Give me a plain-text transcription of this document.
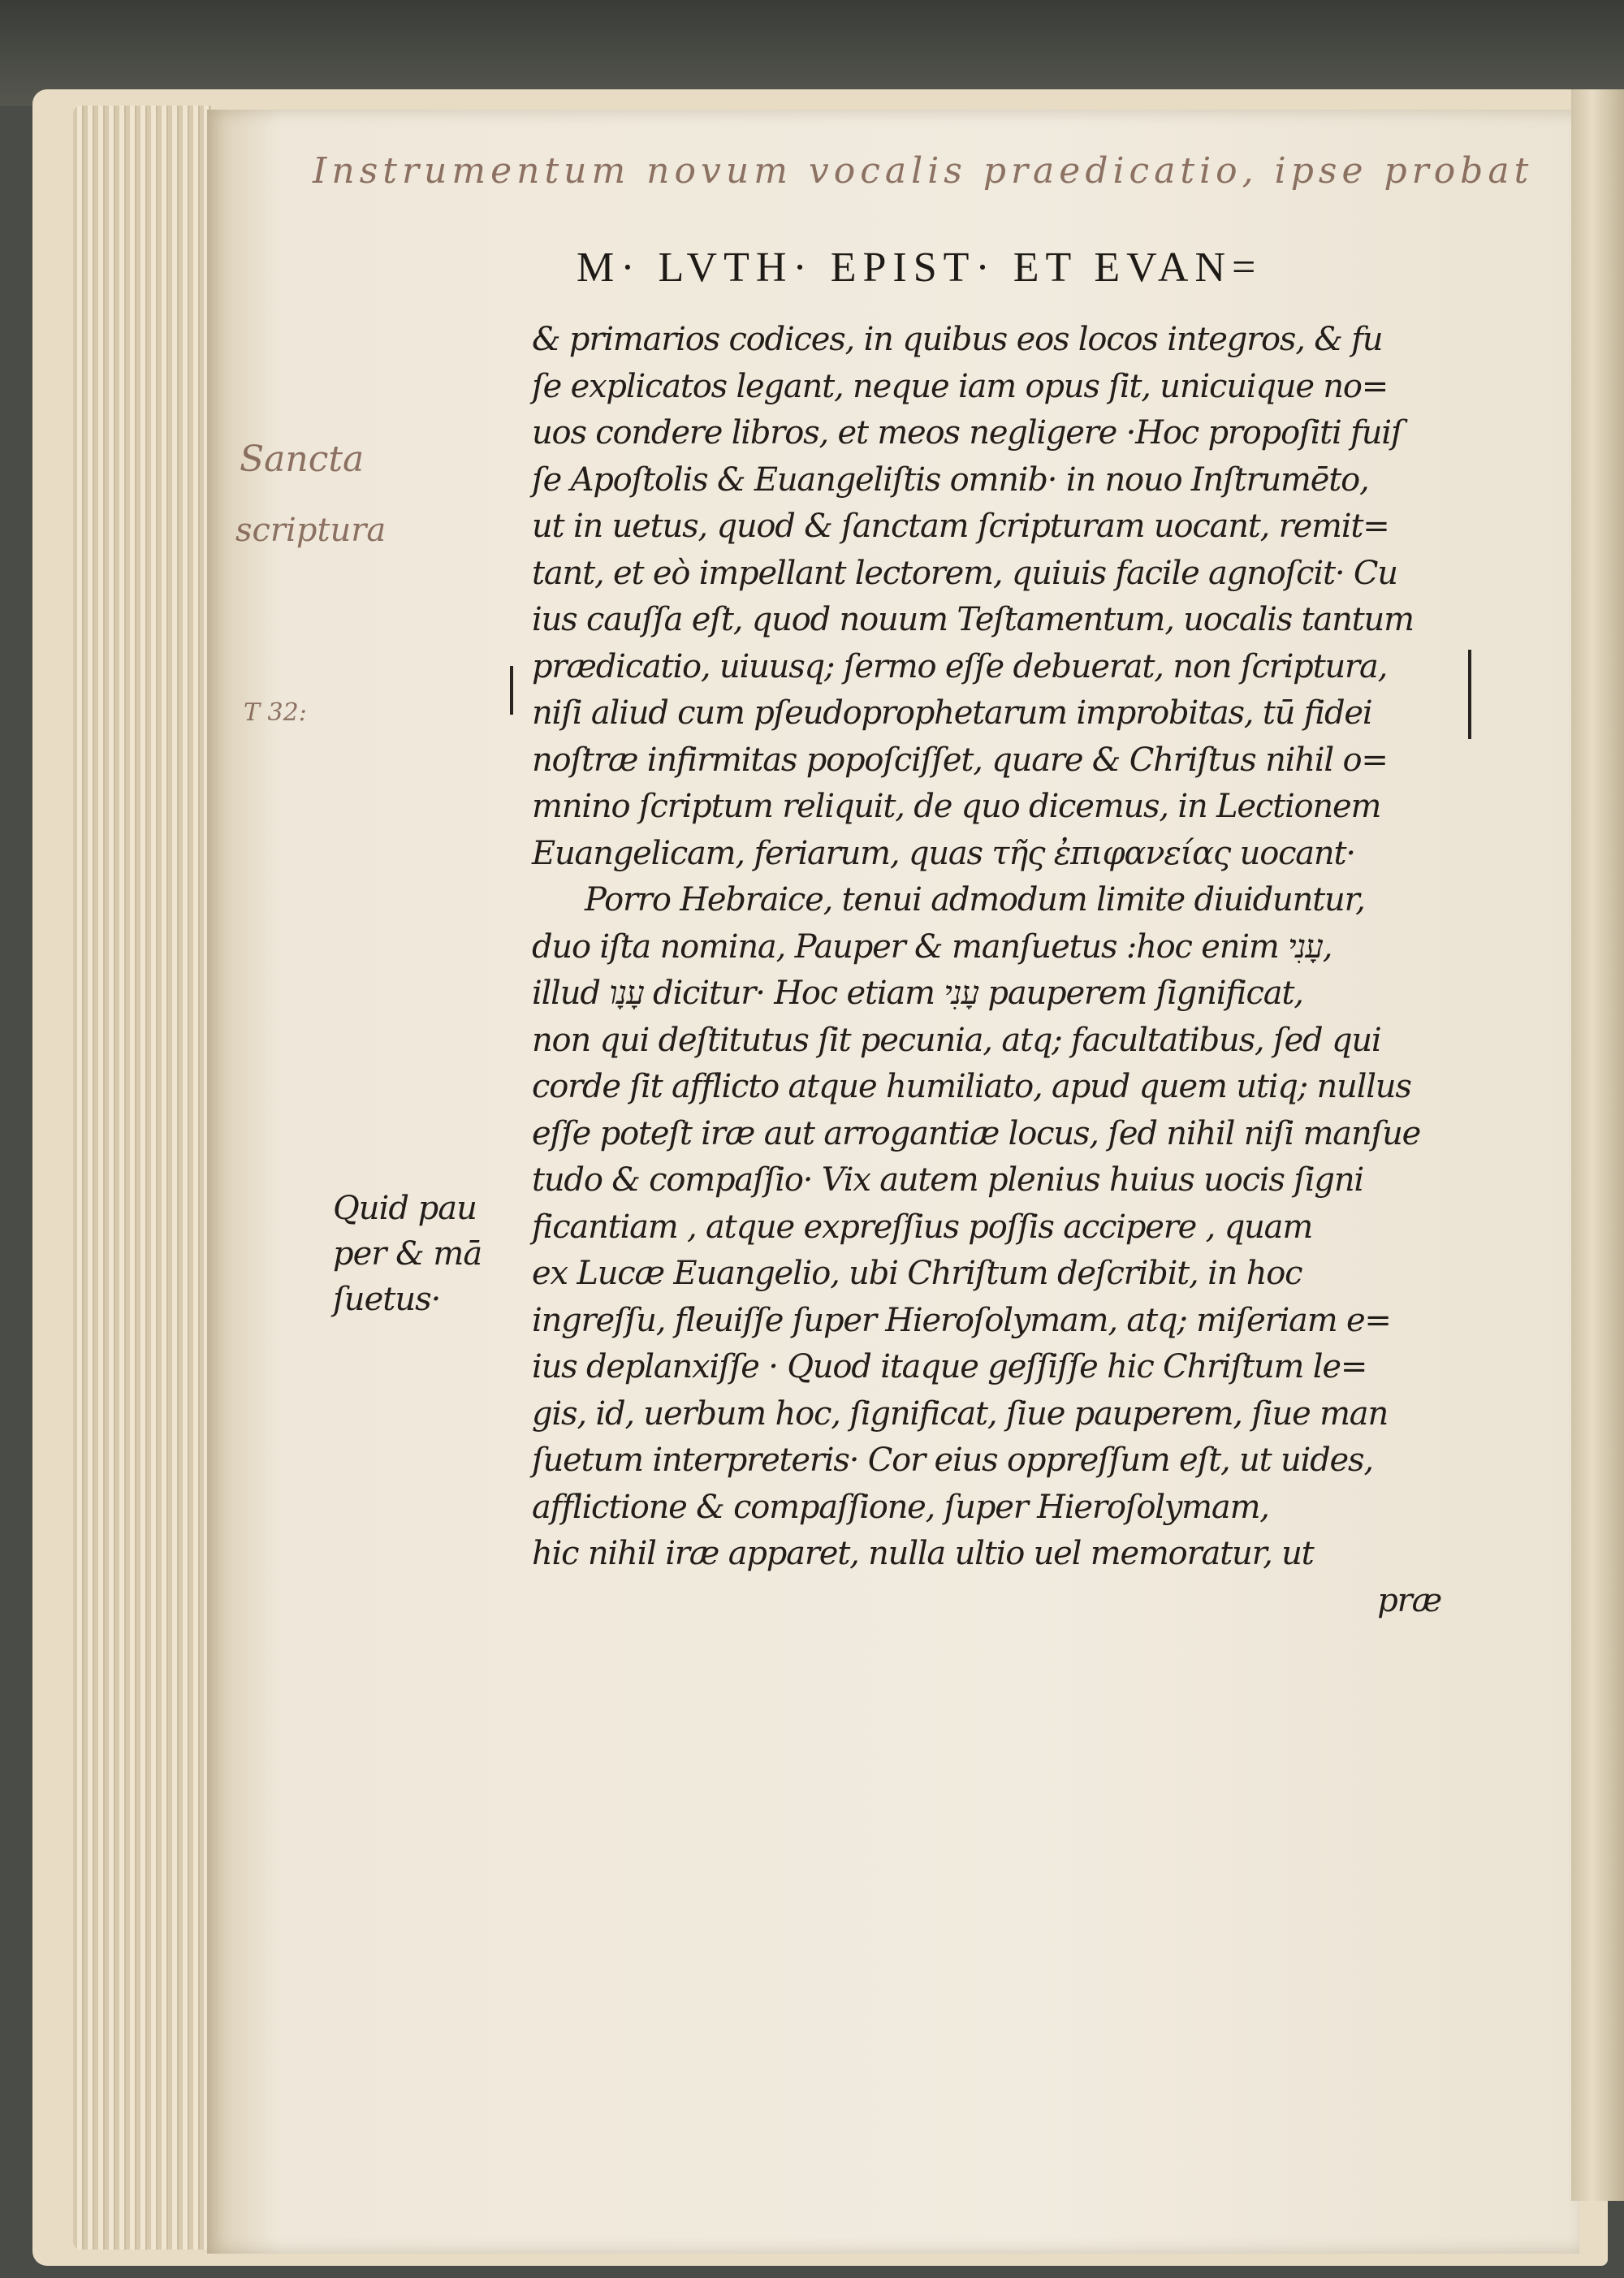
Instrumentum novum vocalis praedicatio, ipse probat
Sancta
scriptura
T 32:
M· LVTH· EPIST· ET EVAN=
& primarios codices, in quibus eos locos integros, & fu
ſe explicatos legant, neque iam opus ſit, unicuique no=
uos condere libros, et meos negligere ·Hoc propoſiti fuiſ
ſe Apoſtolis & Euangeliſtis omnib· in nouo Inſtrumēto,
ut in uetus, quod & ſanctam ſcripturam uocant, remit=
tant, et eò impellant lectorem, quiuis facile agnoſcit· Cu
ius cauſſa eſt, quod nouum Teſtamentum, uocalis tantum
prædicatio, uiuusq; ſermo eſſe debuerat, non ſcriptura,
niſi aliud cum pſeudoprophetarum improbitas, tū fidei
noſtræ infirmitas popoſciſſet, quare & Chriſtus nihil o=
mnino ſcriptum reliquit, de quo dicemus, in Lectionem
Euangelicam, feriarum, quas τῆς ἐπιφανείας uocant·
Porro Hebraice, tenui admodum limite diuiduntur,
duo iſta nomina, Pauper & manſuetus :hoc enim עָנִי,
illud עָנָו dicitur· Hoc etiam עָנִי pauperem ſignificat,
non qui deſtitutus ſit pecunia, atq; facultatibus, ſed qui
corde ſit afflicto atque humiliato, apud quem utiq; nullus
eſſe poteſt iræ aut arrogantiæ locus, ſed nihil niſi manſue
tudo & compaſſio· Vix autem plenius huius uocis ſigni
ficantiam , atque expreſſius poſſis accipere , quam
ex Lucæ Euangelio, ubi Chriſtum deſcribit, in hoc
ingreſſu, fleuiſſe ſuper Hieroſolymam, atq; miſeriam e=
ius deplanxiſſe · Quod itaque geſſiſſe hic Chriſtum le=
gis, id, uerbum hoc, ſignificat, ſiue pauperem, ſiue man
ſuetum interpreteris· Cor eius oppreſſum eſt, ut uides,
afflictione & compaſſione, ſuper Hieroſolymam,
hic nihil iræ apparet, nulla ultio uel memoratur, ut
præ
Quid pau
per & mā
ſuetus·
